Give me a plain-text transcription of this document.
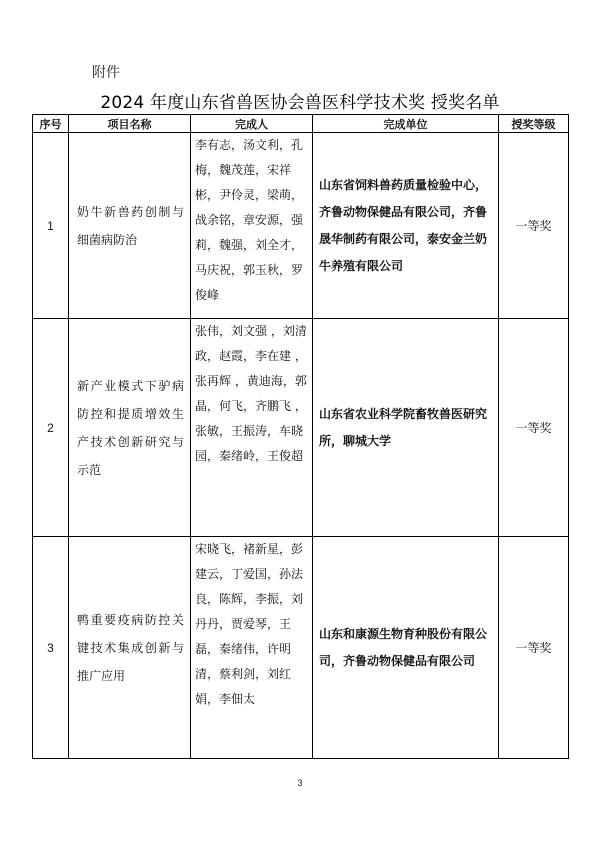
附件
2024 年度山东省兽医协会兽医科学技术奖 授奖名单
序号	项目名称	完成人	完成单位	授奖等级
1	奶牛新兽药创制与细菌病防治	李有志，汤文利，孔梅，魏茂莲，宋祥彬，尹伶灵，梁萌，战余铭，章安源，强莉，魏强，刘全才，马庆祝，郭玉秋，罗俊峰	山东省饲料兽药质量检验中心，齐鲁动物保健品有限公司，齐鲁晟华制药有限公司，泰安金兰奶牛养殖有限公司	一等奖
2	新产业模式下驴病防控和提质增效生产技术创新研究与示范	张伟，刘文强 ，刘清政，赵霞，李在建 ，张再辉 ，黄迪海，郭晶，何飞，齐鹏飞 ，张敏，王振涛，车晓园，秦绪岭，王俊超	山东省农业科学院畜牧兽医研究所，聊城大学	一等奖
3	鸭重要疫病防控关键技术集成创新与推广应用	宋晓飞，褚新星，彭建云，丁爱国，孙法良，陈辉，李振，刘丹丹，贾爱琴，王磊，秦绪伟，许明清，蔡利剑，刘红娟，李佃太	山东和康源生物育种股份有限公司，齐鲁动物保健品有限公司	一等奖
3
